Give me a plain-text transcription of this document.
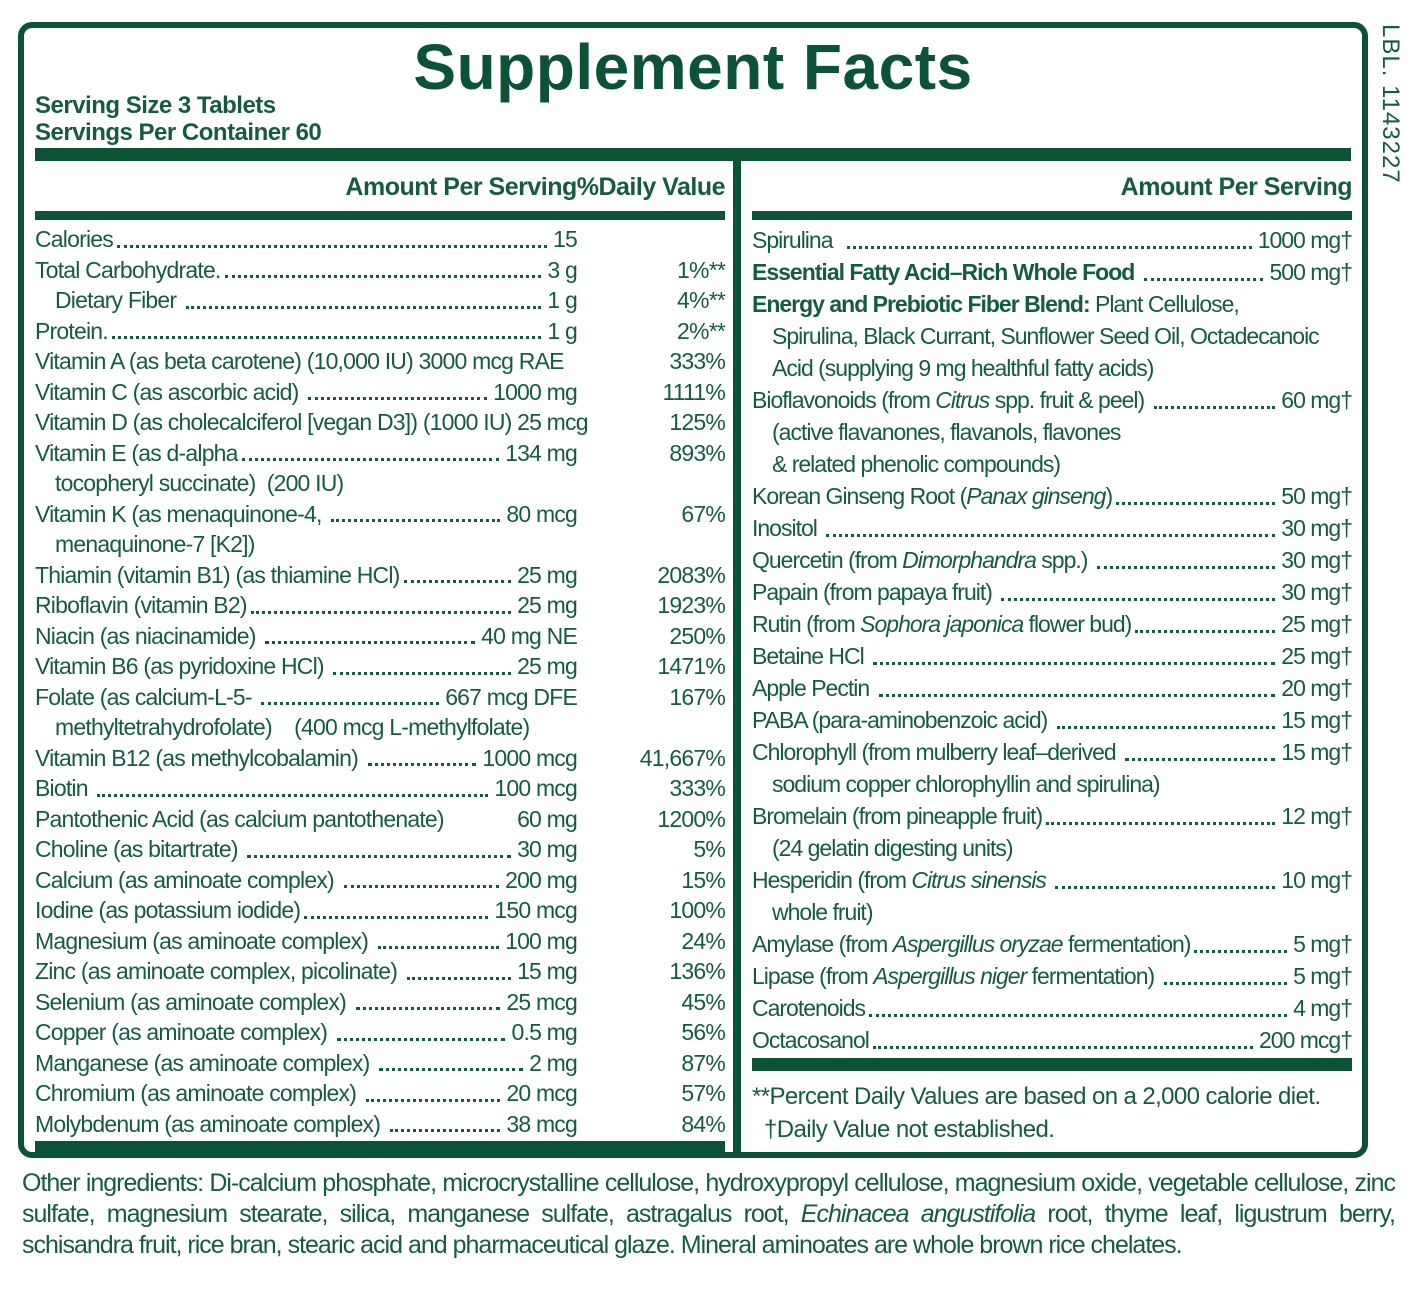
Supplement Facts
Serving Size 3 Tablets
Servings Per Container 60
Amount Per Serving %Daily Value
Calories	15
Total Carbohydrate.	3 g	1%**
Dietary Fiber	1 g	4%**
Protein.	1 g	2%**
Vitamin A (as beta carotene) (10,000 IU) 3000 mcg RAE	333%
Vitamin C (as ascorbic acid)	1000 mg	1111%
Vitamin D (as cholecalciferol [vegan D3]) (1000 IU) 25 mcg	125%
Vitamin E (as d-alpha	134 mg	893%
tocopheryl succinate)  (200 IU)
Vitamin K (as menaquinone-4,	80 mcg	67%
menaquinone-7 [K2])
Thiamin (vitamin B1) (as thiamine HCl)	25 mg	2083%
Riboflavin (vitamin B2)	25 mg	1923%
Niacin (as niacinamide)	40 mg NE	250%
Vitamin B6 (as pyridoxine HCl)	25 mg	1471%
Folate (as calcium-L-5-	667 mcg DFE	167%
methyltetrahydrofolate)    (400 mcg L-methylfolate)
Vitamin B12 (as methylcobalamin)	1000 mcg	41,667%
Biotin	100 mcg	333%
Pantothenic Acid (as calcium pantothenate)	60 mg	1200%
Choline (as bitartrate)	30 mg	5%
Calcium (as aminoate complex)	200 mg	15%
Iodine (as potassium iodide)	150 mcg	100%
Magnesium (as aminoate complex)	100 mg	24%
Zinc (as aminoate complex, picolinate)	15 mg	136%
Selenium (as aminoate complex)	25 mcg	45%
Copper (as aminoate complex)	0.5 mg	56%
Manganese (as aminoate complex)	2 mg	87%
Chromium (as aminoate complex)	20 mcg	57%
Molybdenum (as aminoate complex)	38 mcg	84%
Amount Per Serving
Spirulina	1000 mg†
Essential Fatty Acid–Rich Whole Food	500 mg†
Energy and Prebiotic Fiber Blend: Plant Cellulose,
Spirulina, Black Currant, Sunflower Seed Oil, Octadecanoic
Acid (supplying 9 mg healthful fatty acids)
Bioflavonoids (from Citrus spp. fruit & peel)	60 mg†
(active flavanones, flavanols, flavones
& related phenolic compounds)
Korean Ginseng Root (Panax ginseng)	50 mg†
Inositol	30 mg†
Quercetin (from Dimorphandra spp.)	30 mg†
Papain (from papaya fruit)	30 mg†
Rutin (from Sophora japonica flower bud)	25 mg†
Betaine HCl	25 mg†
Apple Pectin	20 mg†
PABA (para-aminobenzoic acid)	15 mg†
Chlorophyll (from mulberry leaf–derived	15 mg†
sodium copper chlorophyllin and spirulina)
Bromelain (from pineapple fruit)	12 mg†
(24 gelatin digesting units)
Hesperidin (from Citrus sinensis	10 mg†
whole fruit)
Amylase (from Aspergillus oryzae fermentation)	5 mg†
Lipase (from Aspergillus niger fermentation)	5 mg†
Carotenoids	4 mg†
Octacosanol	200 mcg†
**Percent Daily Values are based on a 2,000 calorie diet.
†Daily Value not established.

Other ingredients: Di-calcium phosphate, microcrystalline cellulose, hydroxypropyl cellulose, magnesium oxide, vegetable cellulose, zinc sulfate, magnesium stearate, silica, manganese sulfate, astragalus root, Echinacea angustifolia root, thyme leaf, ligustrum berry, schisandra fruit, rice bran, stearic acid and pharmaceutical glaze. Mineral aminoates are whole brown rice chelates.

LBL. 1143227
